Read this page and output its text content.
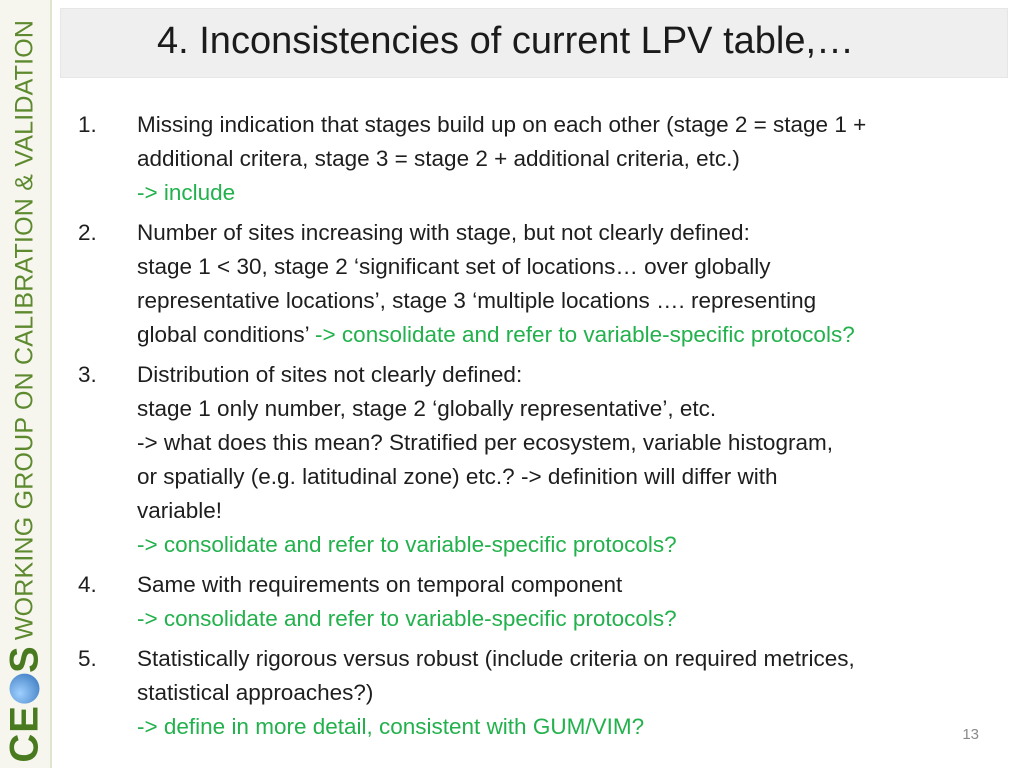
WORKING GROUP ON CALIBRATION & VALIDATION
CES
4. Inconsistencies of current LPV table,…
1.	Missing indication that stages build up on each other (stage 2 = stage 1 +
additional critera, stage 3 = stage 2 + additional criteria, etc.)
-> include
2.	Number of sites increasing with stage, but not clearly defined:
stage 1 < 30, stage 2 ‘significant set of locations… over globally
representative locations’, stage 3 ‘multiple locations …. representing
global conditions’ -> consolidate and refer to variable-specific protocols?
3.	Distribution of sites not clearly defined:
stage 1 only number, stage 2 ‘globally representative’, etc.
-> what does this mean? Stratified per ecosystem, variable histogram,
or spatially (e.g. latitudinal zone) etc.? -> definition will differ with
variable!
-> consolidate and refer to variable-specific protocols?
4.	Same with requirements on temporal component
-> consolidate and refer to variable-specific protocols?
5.	Statistically rigorous versus robust (include criteria on required metrices,
statistical approaches?)
-> define in more detail, consistent with GUM/VIM?	13
